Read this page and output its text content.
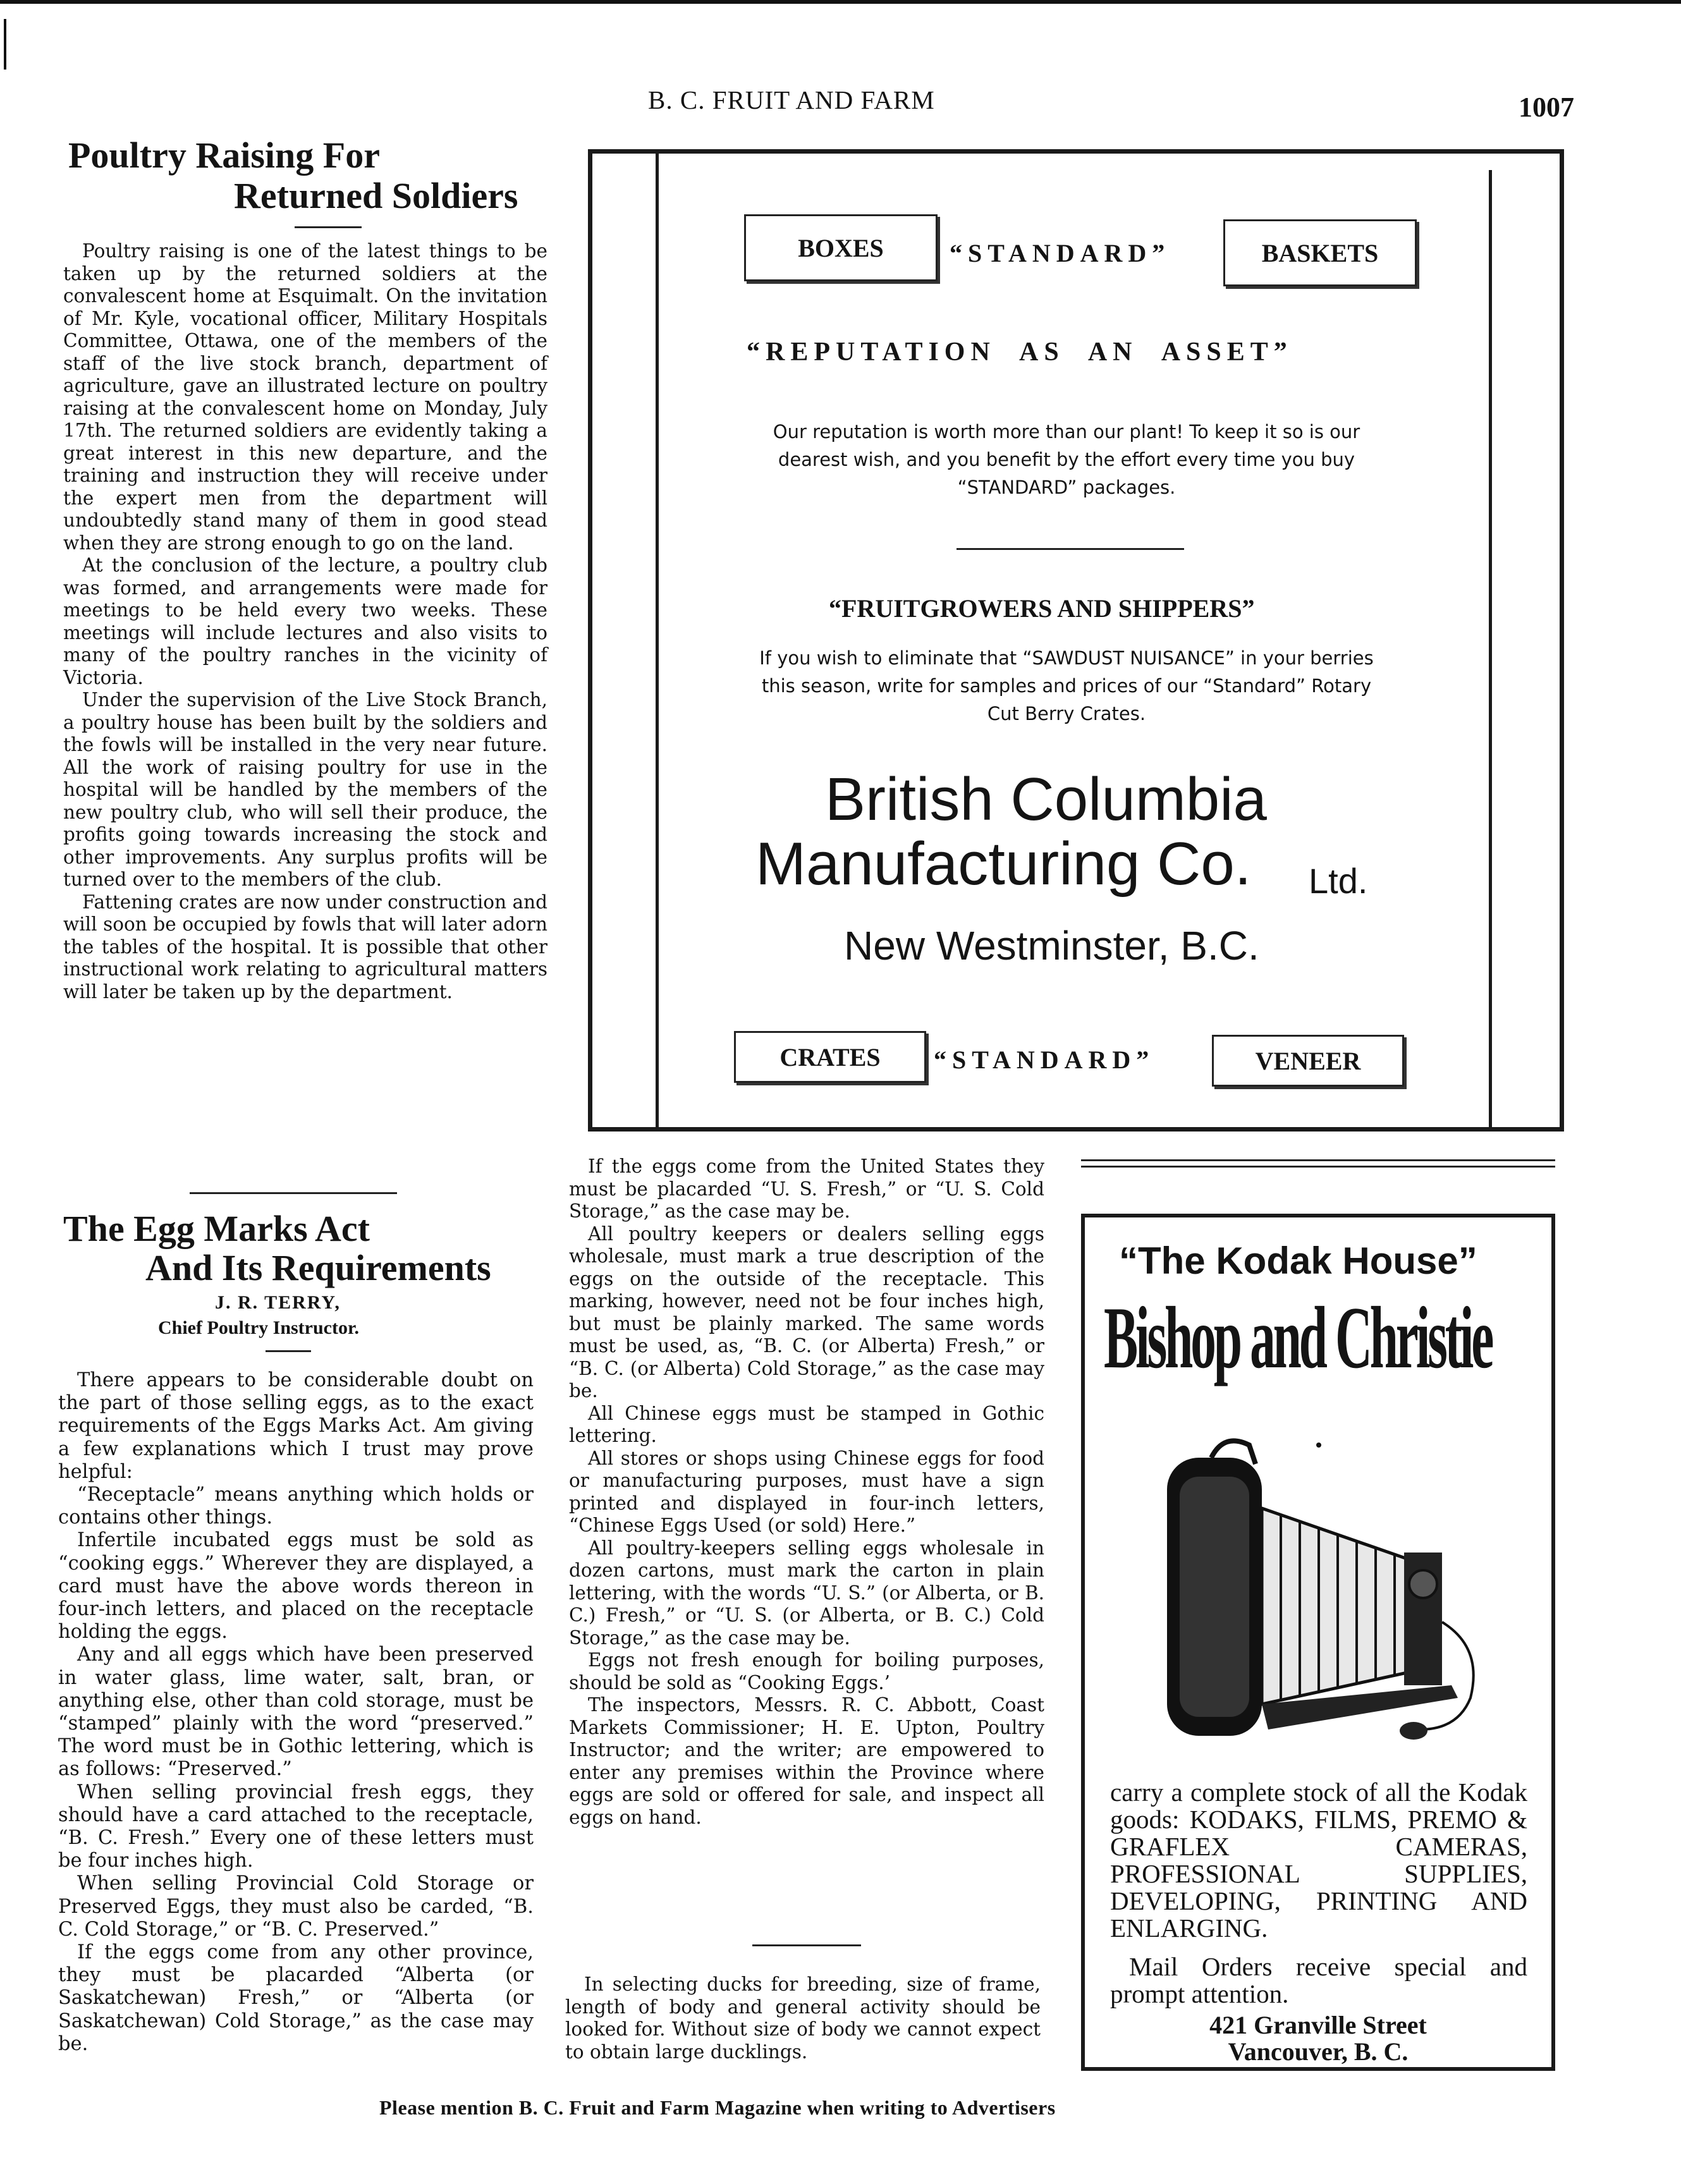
B. C. FRUIT AND FARM	1007
Poultry Raising For
Returned Soldiers

Poultry raising is one of the latest things to be taken up by the returned soldiers at the convalescent home at Esquimalt. On the invitation of Mr. Kyle, vocational officer, Military Hospitals Committee, Ottawa, one of the members of the staff of the live stock branch, department of agriculture, gave an illustrated lecture on poultry raising at the convalescent home on Monday, July 17th. The returned soldiers are evidently taking a great interest in this new departure, and the training and instruction they will receive under the expert men from the department will undoubtedly stand many of them in good stead when they are strong enough to go on the land.

At the conclusion of the lecture, a poultry club was formed, and arrangements were made for meetings to be held every two weeks. These meetings will include lectures and also visits to many of the poultry ranches in the vicinity of Victoria.

Under the supervision of the Live Stock Branch, a poultry house has been built by the soldiers and the fowls will be installed in the very near future. All the work of raising poultry for use in the hospital will be handled by the members of the new poultry club, who will sell their produce, the profits going towards increasing the stock and other improvements. Any surplus profits will be turned over to the members of the club.

Fattening crates are now under construction and will soon be occupied by fowls that will later adorn the tables of the hospital. It is possible that other instructional work relating to agricultural matters will later be taken up by the department.

The Egg Marks Act
And Its Requirements
J. R. TERRY,
Chief Poultry Instructor.

There appears to be considerable doubt on the part of those selling eggs, as to the exact requirements of the Eggs Marks Act. Am giving a few explanations which I trust may prove helpful:

“Receptacle” means anything which holds or contains other things.

Infertile incubated eggs must be sold as “cooking eggs.” Wherever they are displayed, a card must have the above words thereon in four-inch letters, and placed on the receptacle holding the eggs.

Any and all eggs which have been preserved in water glass, lime water, salt, bran, or anything else, other than cold storage, must be “stamped” plainly with the word “preserved.” The word must be in Gothic lettering, which is as follows: “Preserved.”

When selling provincial fresh eggs, they should have a card attached to the receptacle, “B. C. Fresh.” Every one of these letters must be four inches high.

When selling Provincial Cold Storage or Preserved Eggs, they must also be carded, “B. C. Cold Storage,” or “B. C. Preserved.”

If the eggs come from any other province, they must be placarded “Alberta (or Saskatchewan) Fresh,” or “Alberta (or Saskatchewan) Cold Storage,” as the case may be.

If the eggs come from the United States they must be placarded “U. S. Fresh,” or “U. S. Cold Storage,” as the case may be.

All poultry keepers or dealers selling eggs wholesale, must mark a true description of the eggs on the outside of the receptacle. This marking, however, need not be four inches high, but must be plainly marked. The same words must be used, as, “B. C. (or Alberta) Fresh,” or “B. C. (or Alberta) Cold Storage,” as the case may be.

All Chinese eggs must be stamped in Gothic lettering.

All stores or shops using Chinese eggs for food or manufacturing purposes, must have a sign printed and displayed in four-inch letters, “Chinese Eggs Used (or sold) Here.”

All poultry-keepers selling eggs wholesale in dozen cartons, must mark the carton in plain lettering, with the words “U. S.” (or Alberta, or B. C.) Fresh,” or “U. S. (or Alberta, or B. C.) Cold Storage,” as the case may be.

Eggs not fresh enough for boiling purposes, should be sold as “Cooking Eggs.’

The inspectors, Messrs. R. C. Abbott, Coast Markets Commissioner; H. E. Upton, Poultry Instructor; and the writer; are empowered to enter any premises within the Province where eggs are sold or offered for sale, and inspect all eggs on hand.

In selecting ducks for breeding, size of frame, length of body and general activity should be looked for. Without size of body we cannot expect to obtain large ducklings.

BOXES	“STANDARD”	BASKETS
“REPUTATION AS AN ASSET”
Our reputation is worth more than our plant! To keep it so is our dearest wish, and you benefit by the effort every time you buy “STANDARD” packages.
“FRUITGROWERS AND SHIPPERS”
If you wish to eliminate that “SAWDUST NUISANCE” in your berries this season, write for samples and prices of our “Standard” Rotary Cut Berry Crates.
British Columbia
Manufacturing Co. Ltd.
New Westminster, B.C.
CRATES	“STANDARD”	VENEER
“The Kodak House”
Bishop and Christie
carry a complete stock of all the Kodak goods: KODAKS, FILMS, PREMO & GRAFLEX CAMERAS, PROFESSIONAL SUPPLIES, DEVELOPING, PRINTING AND ENLARGING.
Mail Orders receive special and prompt attention.
421 Granville Street
Vancouver, B. C.
Please mention B. C. Fruit and Farm Magazine when writing to Advertisers
